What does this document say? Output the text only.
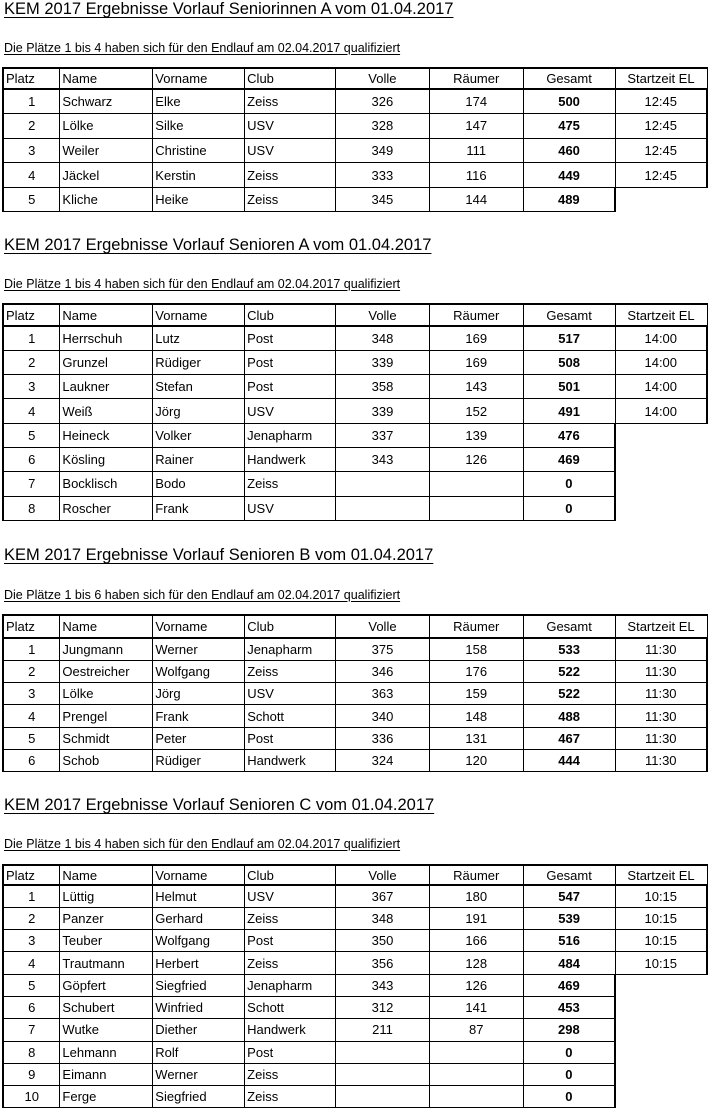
KEM 2017 Ergebnisse Vorlauf Seniorinnen A vom 01.04.2017
Die Plätze 1 bis 4 haben sich für den Endlauf am 02.04.2017 qualifiziert
Platz	Name	Vorname	Club	Volle	Räumer	Gesamt	Startzeit EL
1	Schwarz	Elke	Zeiss	326	174	500	12:45
2	Lölke	Silke	USV	328	147	475	12:45
3	Weiler	Christine	USV	349	111	460	12:45
4	Jäckel	Kerstin	Zeiss	333	116	449	12:45
5	Kliche	Heike	Zeiss	345	144	489	
KEM 2017 Ergebnisse Vorlauf Senioren A vom 01.04.2017
Die Plätze 1 bis 4 haben sich für den Endlauf am 02.04.2017 qualifiziert
Platz	Name	Vorname	Club	Volle	Räumer	Gesamt	Startzeit EL
1	Herrschuh	Lutz	Post	348	169	517	14:00
2	Grunzel	Rüdiger	Post	339	169	508	14:00
3	Laukner	Stefan	Post	358	143	501	14:00
4	Weiß	Jörg	USV	339	152	491	14:00
5	Heineck	Volker	Jenapharm	337	139	476	
6	Kösling	Rainer	Handwerk	343	126	469	
7	Bocklisch	Bodo	Zeiss			0	
8	Roscher	Frank	USV			0	
KEM 2017 Ergebnisse Vorlauf Senioren B vom 01.04.2017
Die Plätze 1 bis 6 haben sich für den Endlauf am 02.04.2017 qualifiziert
Platz	Name	Vorname	Club	Volle	Räumer	Gesamt	Startzeit EL
1	Jungmann	Werner	Jenapharm	375	158	533	11:30
2	Oestreicher	Wolfgang	Zeiss	346	176	522	11:30
3	Lölke	Jörg	USV	363	159	522	11:30
4	Prengel	Frank	Schott	340	148	488	11:30
5	Schmidt	Peter	Post	336	131	467	11:30
6	Schob	Rüdiger	Handwerk	324	120	444	11:30
KEM 2017 Ergebnisse Vorlauf Senioren C vom 01.04.2017
Die Plätze 1 bis 4 haben sich für den Endlauf am 02.04.2017 qualifiziert
Platz	Name	Vorname	Club	Volle	Räumer	Gesamt	Startzeit EL
1	Lüttig	Helmut	USV	367	180	547	10:15
2	Panzer	Gerhard	Zeiss	348	191	539	10:15
3	Teuber	Wolfgang	Post	350	166	516	10:15
4	Trautmann	Herbert	Zeiss	356	128	484	10:15
5	Göpfert	Siegfried	Jenapharm	343	126	469	
6	Schubert	Winfried	Schott	312	141	453	
7	Wutke	Diether	Handwerk	211	87	298	
8	Lehmann	Rolf	Post			0	
9	Eimann	Werner	Zeiss			0	
10	Ferge	Siegfried	Zeiss			0	
